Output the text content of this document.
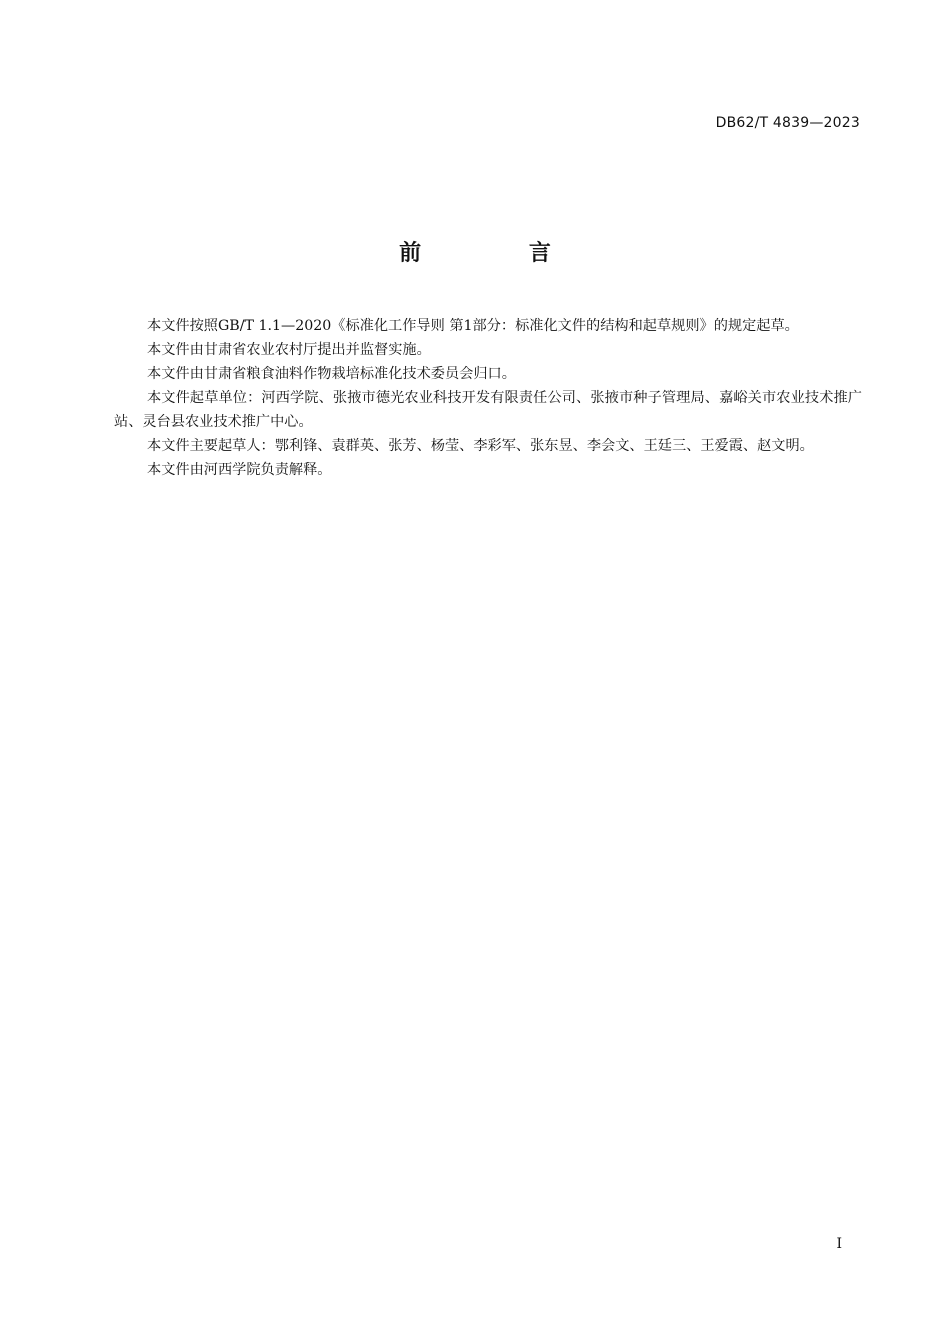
DB62/T 4839—2023
前 言

本文件按照GB/T 1.1—2020《标准化工作导则 第1部分：标准化文件的结构和起草规则》的规定起草。

本文件由甘肃省农业农村厅提出并监督实施。

本文件由甘肃省粮食油料作物栽培标准化技术委员会归口。

本文件起草单位：河西学院、张掖市德光农业科技开发有限责任公司、张掖市种子管理局、嘉峪关市农业技术推广站、灵台县农业技术推广中心。

本文件主要起草人：鄂利锋、袁群英、张芳、杨莹、李彩军、张东昱、李会文、王廷三、王爱霞、赵文明。

本文件由河西学院负责解释。

I
